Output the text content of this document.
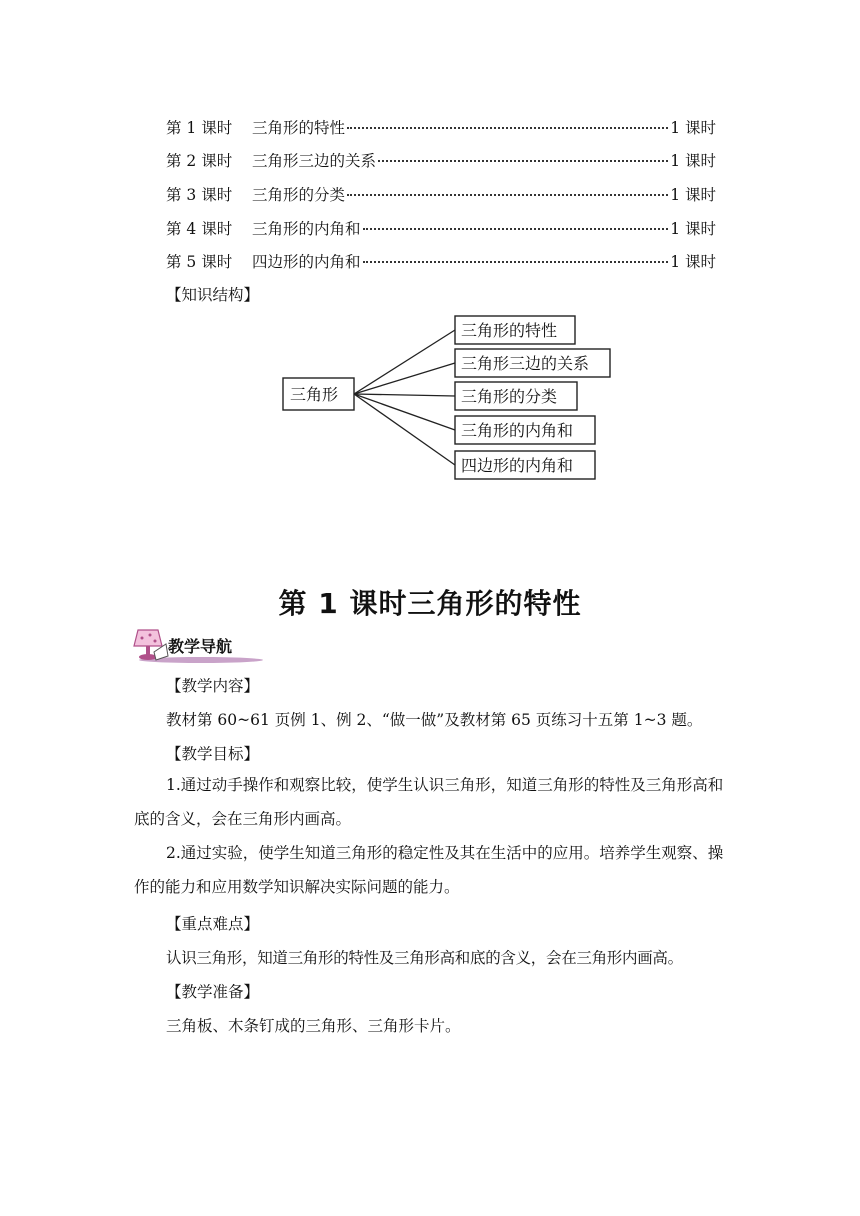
第 1 课时	三角形的特性	1 课时
第 2 课时	三角形三边的关系	1 课时
第 3 课时	三角形的分类	1 课时
第 4 课时	三角形的内角和	1 课时
第 5 课时	四边形的内角和	1 课时
【知识结构】
三角形
三角形的特性
三角形三边的关系
三角形的分类
三角形的内角和
四边形的内角和
第 1 课时三角形的特性
教学导航
【教学内容】
教材第 60~61 页例 1、例 2、“做一做”及教材第 65 页练习十五第 1~3 题。
【教学目标】
1.通过动手操作和观察比较，使学生认识三角形，知道三角形的特性及三角形高和底的含义，会在三角形内画高。
2.通过实验，使学生知道三角形的稳定性及其在生活中的应用。培养学生观察、操作的能力和应用数学知识解决实际问题的能力。
【重点难点】
认识三角形，知道三角形的特性及三角形高和底的含义，会在三角形内画高。
【教学准备】
三角板、木条钉成的三角形、三角形卡片。
